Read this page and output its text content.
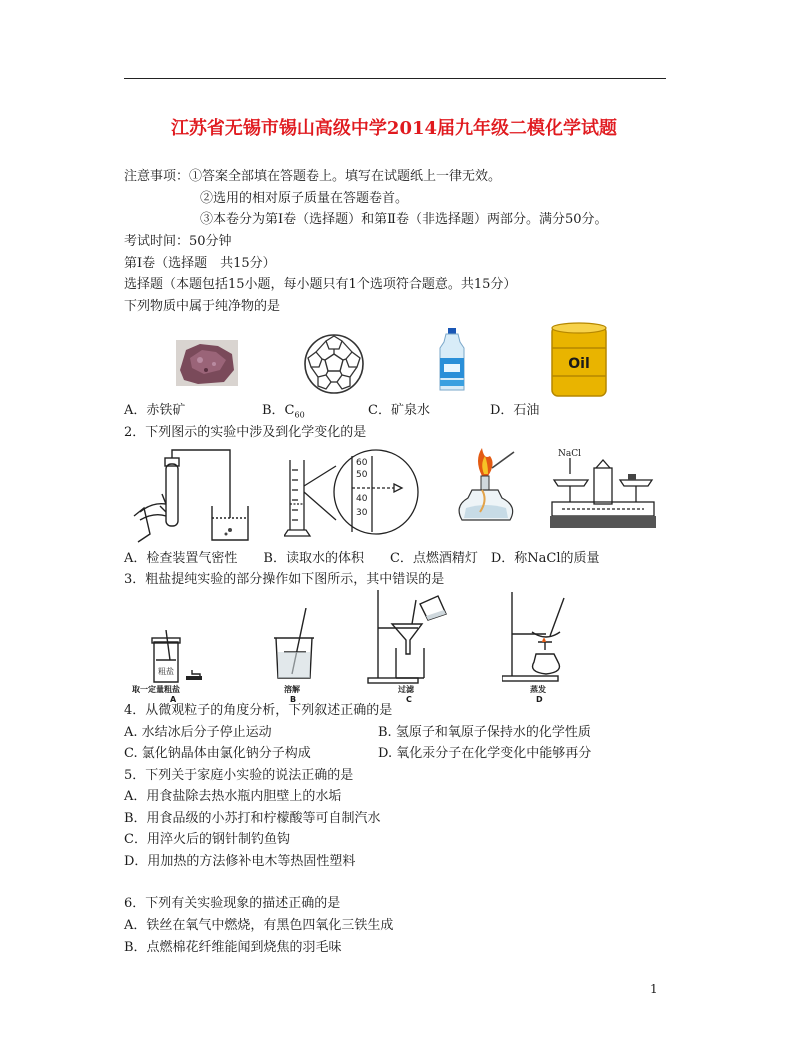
江苏省无锡市锡山高级中学2014届九年级二模化学试题
注意事项：①答案全部填在答题卷上。填写在试题纸上一律无效。
②选用的相对原子质量在答题卷首。
③本卷分为第Ⅰ卷（选择题）和第Ⅱ卷（非选择题）两部分。满分50分。
考试时间：50分钟
第Ⅰ卷（选择题　共15分）
选择题（本题包括15小题，每小题只有1个选项符合题意。共15分）
下列物质中属于纯净物的是
Oil
A．赤铁矿	B．$C_{60}$	C．矿泉水	D．石油
2．下列图示的实验中涉及到化学变化的是
60
50
40
30
NaCl
A．检查装置气密性　　B．读取水的体积　　C．点燃酒精灯　D．称NaCl的质量
3．粗盐提纯实验的部分操作如下图所示，其中错误的是
粗盐
取一定量粗盐	溶解	过滤	蒸发
A	B	C	D
4．从微观粒子的角度分析，下列叙述正确的是
A. 水结冰后分子停止运动	B. 氢原子和氧原子保持水的化学性质
C. 氯化钠晶体由氯化钠分子构成	D. 氧化汞分子在化学变化中能够再分
5．下列关于家庭小实验的说法正确的是
A．用食盐除去热水瓶内胆壁上的水垢
B．用食品级的小苏打和柠檬酸等可自制汽水
C．用淬火后的钢针制钓鱼钩
D．用加热的方法修补电木等热固性塑料
6．下列有关实验现象的描述正确的是
A．铁丝在氧气中燃烧，有黑色四氧化三铁生成
B．点燃棉花纤维能闻到烧焦的羽毛味
1
